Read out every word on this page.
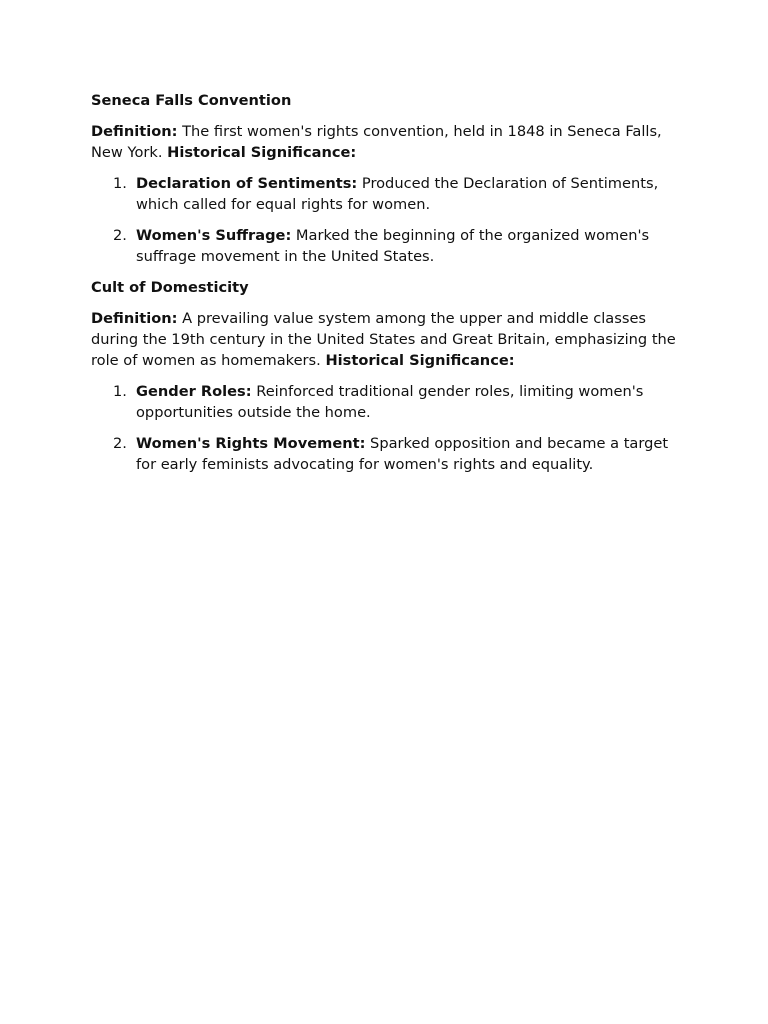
Seneca Falls Convention

Definition: The first women's rights convention, held in 1848 in Seneca Falls, New York. Historical Significance:

1. Declaration of Sentiments: Produced the Declaration of Sentiments, which called for equal rights for women.
2. Women's Suffrage: Marked the beginning of the organized women's suffrage movement in the United States.
Cult of Domesticity

Definition: A prevailing value system among the upper and middle classes during the 19th century in the United States and Great Britain, emphasizing the role of women as homemakers. Historical Significance:

1. Gender Roles: Reinforced traditional gender roles, limiting women's opportunities outside the home.
2. Women's Rights Movement: Sparked opposition and became a target for early feminists advocating for women's rights and equality.
